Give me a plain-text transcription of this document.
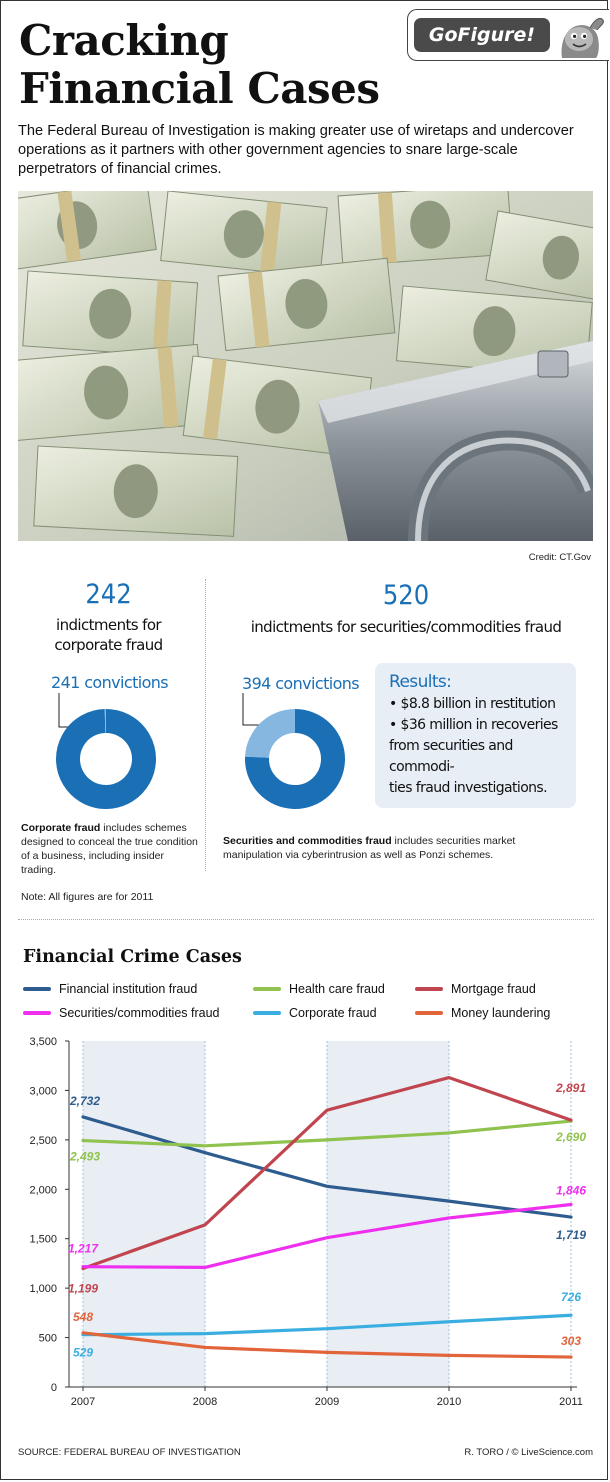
Cracking
Financial Cases
GoFigure!

The Federal Bureau of Investigation is making greater use of wiretaps and undercover operations as it partners with other government agencies to snare large-scale perpetrators of financial crimes.

Credit: CT.Gov
242
indictments for
corporate fraud
241 convictions

Corporate fraud includes schemes designed to conceal the true condition of a business, including insider trading.

Note: All figures are for 2011

520
indictments for securities/commodities fraud
394 convictions Results:
• $8.8 billion in restitution
• $36 million in recoveries
from securities and commodi-
ties fraud investigations.

Securities and commodities fraud includes securities market manipulation via cyberintrusion as well as Ponzi schemes.

Financial Crime Cases
Financial institution fraud	Health care fraud	Mortgage fraud
Securities/commodities fraud	Corporate fraud	Money laundering
0
500
1,000
1,500
2,000
2,500
3,000
3,500
2007	2008	2009	2010	2011
2,732
1,719
2,493
2,690
1,199
2,891
1,217
1,846
529
726
548
303
SOURCE: FEDERAL BUREAU OF INVESTIGATION	R. TORO / © LiveScience.com
